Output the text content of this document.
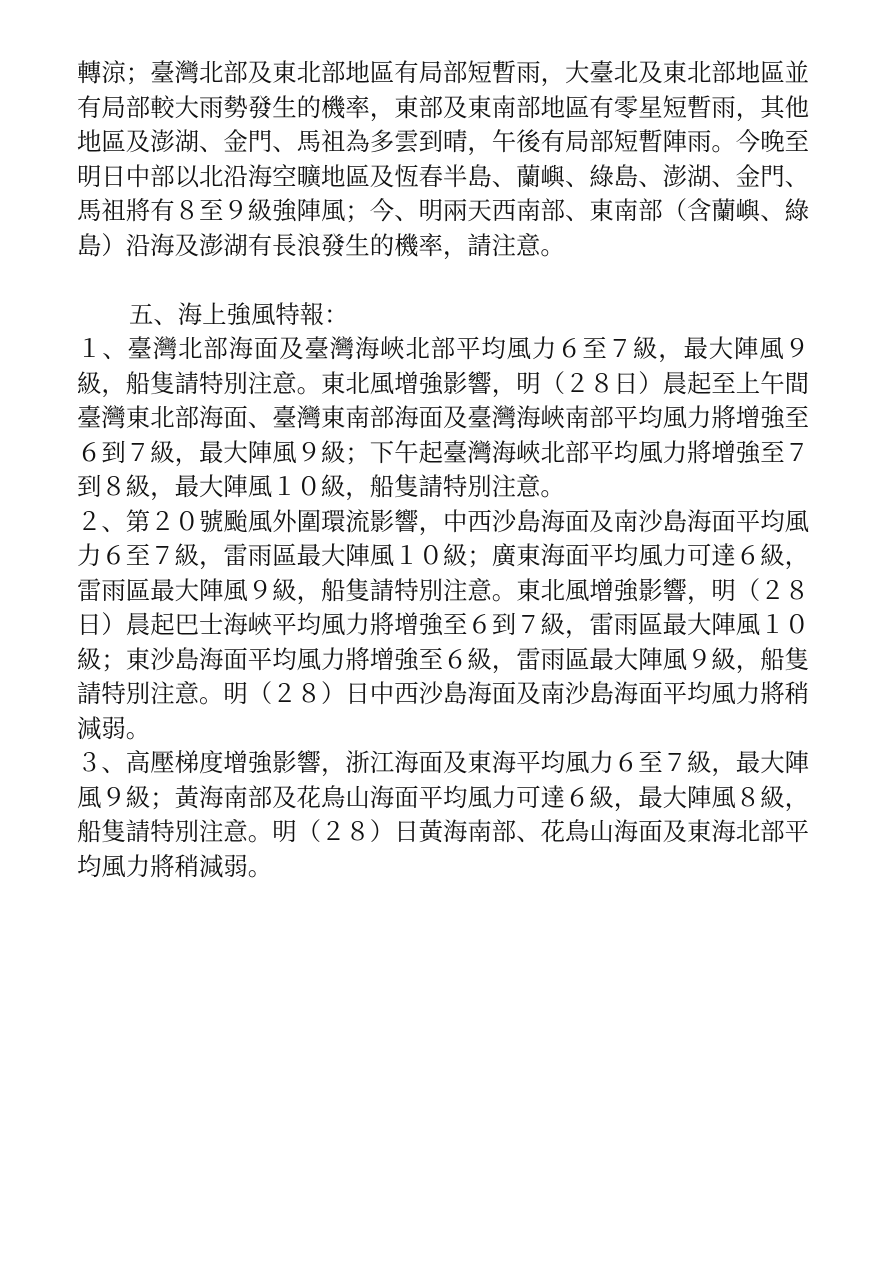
轉涼；臺灣北部及東北部地區有局部短暫雨，大臺北及東北部地區並有局部較大雨勢發生的機率，東部及東南部地區有零星短暫雨，其他地區及澎湖、金門、馬祖為多雲到晴，午後有局部短暫陣雨。今晚至明日中部以北沿海空曠地區及恆春半島、蘭嶼、綠島、澎湖、金門、馬祖將有８至９級強陣風；今、明兩天西南部、東南部（含蘭嶼、綠島）沿海及澎湖有長浪發生的機率，請注意。

五、海上強風特報：

１、臺灣北部海面及臺灣海峽北部平均風力６至７級，最大陣風９級，船隻請特別注意。東北風增強影響，明（２８日）晨起至上午間臺灣東北部海面、臺灣東南部海面及臺灣海峽南部平均風力將增強至６到７級，最大陣風９級；下午起臺灣海峽北部平均風力將增強至７到８級，最大陣風１０級，船隻請特別注意。

２、第２０號颱風外圍環流影響，中西沙島海面及南沙島海面平均風力６至７級，雷雨區最大陣風１０級；廣東海面平均風力可達６級，雷雨區最大陣風９級，船隻請特別注意。東北風增強影響，明（２８日）晨起巴士海峽平均風力將增強至６到７級，雷雨區最大陣風１０級；東沙島海面平均風力將增強至６級，雷雨區最大陣風９級，船隻請特別注意。明（２８）日中西沙島海面及南沙島海面平均風力將稍減弱。

３、高壓梯度增強影響，浙江海面及東海平均風力６至７級，最大陣風９級；黃海南部及花鳥山海面平均風力可達６級，最大陣風８級，船隻請特別注意。明（２８）日黃海南部、花鳥山海面及東海北部平均風力將稍減弱。
